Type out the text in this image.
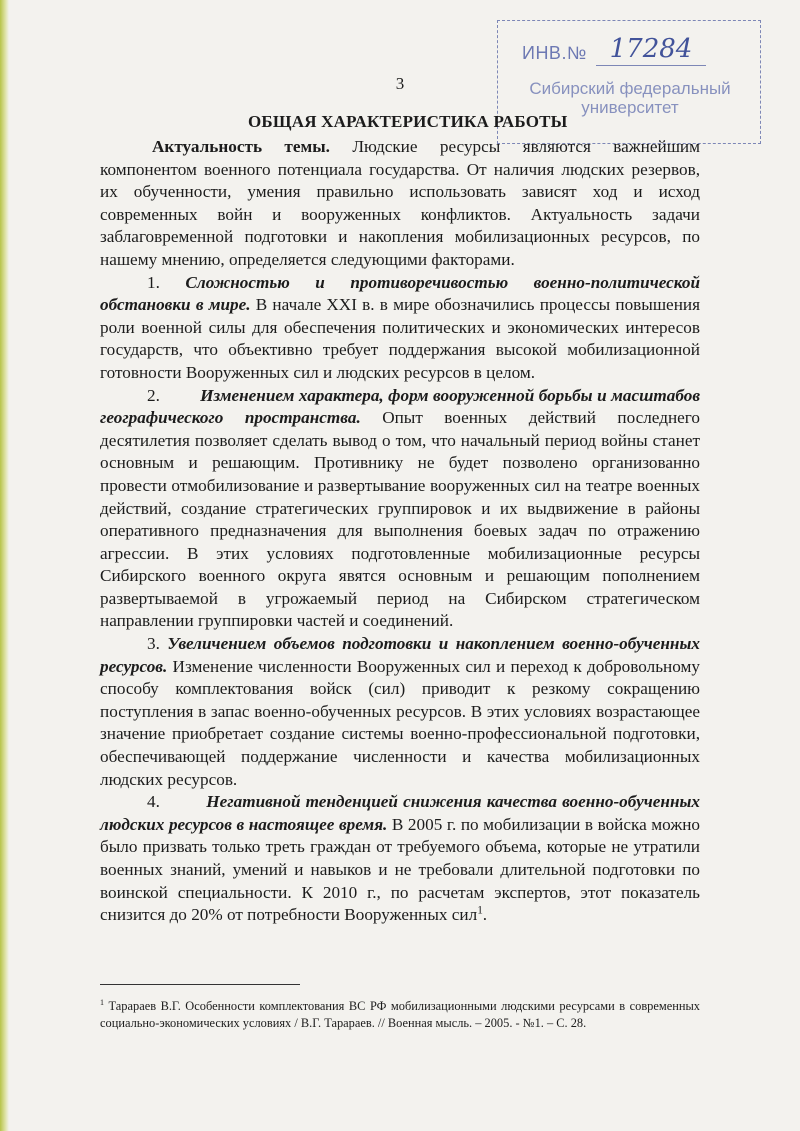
3
ИНВ.№ 17284
Сибирский федеральный университет
ОБЩАЯ ХАРАКТЕРИСТИКА РАБОТЫ

Актуальность темы. Людские ресурсы являются важнейшим компонентом военного потенциала государства. От наличия людских резервов, их обученности, умения правильно использовать зависят ход и исход современных войн и вооруженных конфликтов. Актуальность задачи заблаговременной подготовки и накопления мобилизационных ресурсов, по нашему мнению, определяется следующими факторами.

1. Сложностью и противоречивостью военно-политической обстановки в мире. В начале XXI в. в мире обозначились процессы повышения роли военной силы для обеспечения политических и экономических интересов государств, что объективно требует поддержания высокой мобилизационной готовности Вооруженных сил и людских ресурсов в целом.

2. Изменением характера, форм вооруженной борьбы и масштабов географического пространства. Опыт военных действий последнего десятилетия позволяет сделать вывод о том, что начальный период войны станет основным и решающим. Противнику не будет позволено организованно провести отмобилизование и развертывание вооруженных сил на театре военных действий, создание стратегических группировок и их выдвижение в районы оперативного предназначения для выполнения боевых задач по отражению агрессии. В этих условиях подготовленные мобилизационные ресурсы Сибирского военного округа явятся основным и решающим пополнением развертываемой в угрожаемый период на Сибирском стратегическом направлении группировки частей и соединений.

3. Увеличением объемов подготовки и накоплением военно-обученных ресурсов. Изменение численности Вооруженных сил и переход к добровольному способу комплектования войск (сил) приводит к резкому сокращению поступления в запас военно-обученных ресурсов. В этих условиях возрастающее значение приобретает создание системы военно-профессиональной подготовки, обеспечивающей поддержание численности и качества мобилизационных людских ресурсов.

4.	Негативной тенденцией снижения качества военно-обученных людских ресурсов в настоящее время. В 2005 г. по мобилизации в войска можно было призвать только треть граждан от требуемого объема, которые не утратили военных знаний, умений и навыков и не требовали длительной подготовки по воинской специальности. К 2010 г., по расчетам экспертов, этот показатель снизится до 20% от потребности Вооруженных сил$^1$.

$^1$ Тарараев В.Г. Особенности комплектования ВС РФ мобилизационными людскими ресурсами в современных социально-экономических условиях / В.Г. Тарараев. // Военная мысль. – 2005. - №1. – С. 28.
